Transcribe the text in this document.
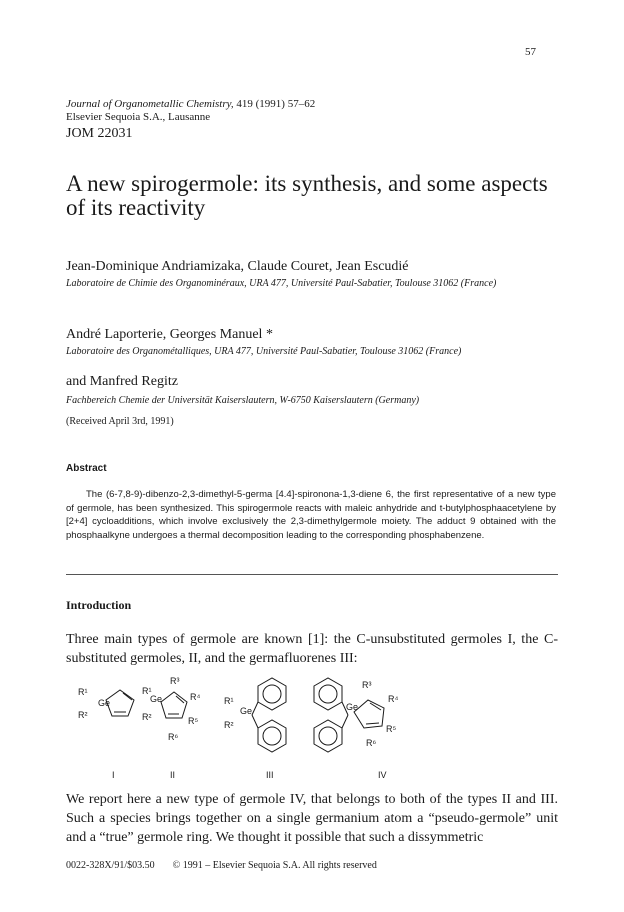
57
Journal of Organometallic Chemistry, 419 (1991) 57–62
Elsevier Sequoia S.A., Lausanne
JOM 22031
A new spirogermole: its synthesis, and some aspects of its reactivity
Jean-Dominique Andriamizaka, Claude Couret, Jean Escudié
Laboratoire de Chimie des Organominéraux, URA 477, Université Paul-Sabatier, Toulouse 31062 (France)
André Laporterie, Georges Manuel *
Laboratoire des Organométalliques, URA 477, Université Paul-Sabatier, Toulouse 31062 (France)
and Manfred Regitz
Fachbereich Chemie der Universität Kaiserslautern, W-6750 Kaiserslautern (Germany)
(Received April 3rd, 1991)
Abstract
The (6-7,8-9)-dibenzo-2,3-dimethyl-5-germa [4.4]-spirononа-1,3-diene 6, the first representative of a new type of germole, has been synthesized. This spirogermole reacts with maleic anhydride and t-butylphosphaacetylene by [2+4] cycloadditions, which involve exclusively the 2,3-dimethylgermole moiety. The adduct 9 obtained with the phosphaalkyne undergoes a thermal decomposition leading to the corresponding phosphabenzene.
Introduction
Three main types of germole are known [1]: the C-unsubstituted germoles I, the C-substituted germoles, II, and the germafluorenes III:
Ge
R¹
R²
I
Ge
R¹
R²
R³
R⁴
R⁵
R⁶
II
Ge
R¹
R²
III
Ge
R³
R⁴
R⁵
R⁶
IV
We report here a new type of germole IV, that belongs to both of the types II and III. Such a species brings together on a single germanium atom a “pseudo-germole” unit and a “true” germole ring. We thought it possible that such a dissymmetric
0022-328X/91/$03.50 © 1991 – Elsevier Sequoia S.A. All rights reserved
